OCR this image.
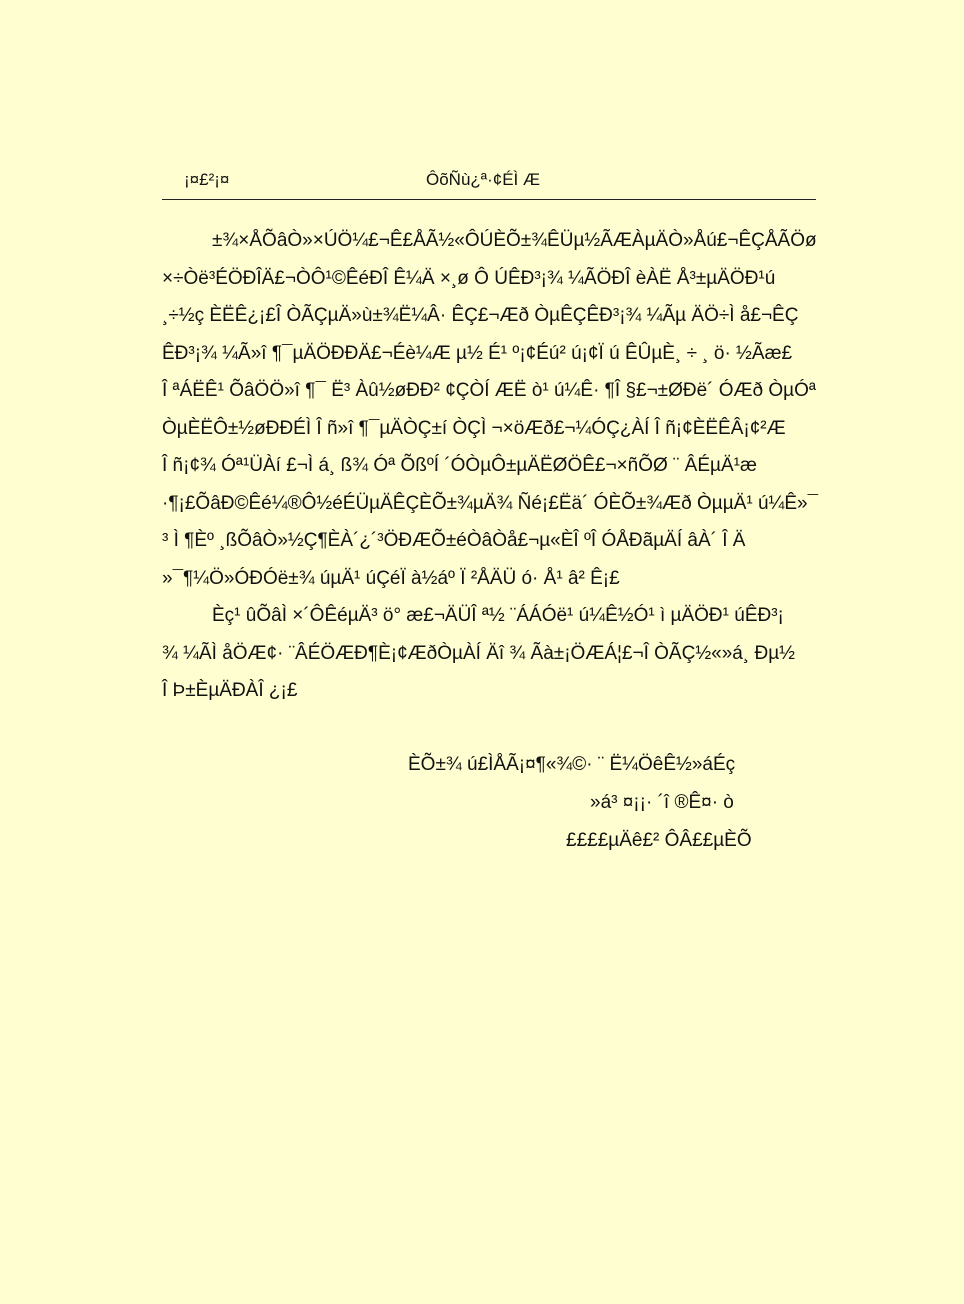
¡¤£²¡¤	ÔõÑù¿ª·¢ÉÌ Æ
±¾×ÅÕâÒ»×ÚÖ¼£¬Ê£ÅÃ½«ÔÚÈÕ±¾ÊÜµ½ÃÆÀµÄÒ»Åú£¬ÊÇÅÃÖø
×÷Òë³ÉÖÐÎÄ£¬ÒÔ¹©ÊéÐÎ Ê¼Ä ×¸ø Ô ÚÊÐ³¡¾ ¼ÃÖÐÎ èÀË Å³±µÄÖÐ¹ú
¸÷½ç ÈËÊ¿¡£Î ÒÃÇµÄ»ù±¾Ë¼Â· ÊÇ£¬Æð ÒµÊÇÊÐ³¡¾ ¼Ãµ ÄÖ÷Ì å£¬ÊÇ
ÊÐ³¡¾ ¼Ã»î ¶¯µÄÖÐÐÄ£¬Éè¼Æ µ½ É¹ º¡¢Éú² ú¡¢Ï ú ÊÛµÈ¸ ÷ ¸ ö· ½Ãæ£
Î ªÁËÊ¹ ÕâÖÖ»î ¶¯ Ë³ Àû½øÐÐ² ¢ÇÒÍ ÆË ò¹ ú¼Ê· ¶Î §£¬±ØÐë´ ÓÆð ÒµÓª
ÒµÈËÔ±½øÐÐÉÌ Î ñ»î ¶¯µÄÒÇ±í ÒÇÌ ¬×öÆð£¬¼ÓÇ¿ÀÍ Î ñ¡¢ÈËÊÂ¡¢²Æ
Î ñ¡¢¾ Óª¹ÜÀí £¬Ì á¸ ß¾ Óª ÕßºÍ ´ÓÒµÔ±µÄËØÖÊ£¬×ñÕØ ¨ ÂÉµÄ¹æ
·¶¡£ÕâÐ©Êé¼®Ô½éÉÜµÄÊÇÈÕ±¾µÄ¾ Ñé¡£Ëä´ ÓÈÕ±¾Æð ÒµµÄ¹ ú¼Ê»¯
³ Ì ¶Èº ¸ßÕâÒ»½Ç¶ÈÀ´¿´³ÖÐÆÕ±éÒâÒå£¬µ«ÈÎ ºÎ ÓÅÐãµÄÍ âÀ´ Î Ä
»¯¶¼Ö»ÓÐÓë±¾ úµÄ¹ úÇéÏ à½áº Ï ²ÅÄÜ ó· Å¹ â² Ê¡£
Èç¹ ûÕâÌ ×´ÔÊéµÄ³ ö° æ£¬ÄÜÎ ª½ ¨ÁÁÓë¹ ú¼Ê½Ó¹ ì µÄÖÐ¹ úÊÐ³¡
¾ ¼ÃÌ åÖÆ¢· ¨ÂÉÖÆÐ¶È¡¢ÆðÒµÀÍ Äî ¾ Ãà±¡ÖÆÁ¦£¬Î ÒÃÇ½«»á¸ Ðµ½
Î Þ±ÈµÄÐÀÎ ¿¡£
ÈÕ±¾ ú£ÌÅÃ¡¤¶«¾©· ¨ Ë¼ÖêÊ½»áÉç
»á³ ¤¡¡· ´î ®Ê¤· ò
££££µÄê£² ÔÂ££µÈÕ
